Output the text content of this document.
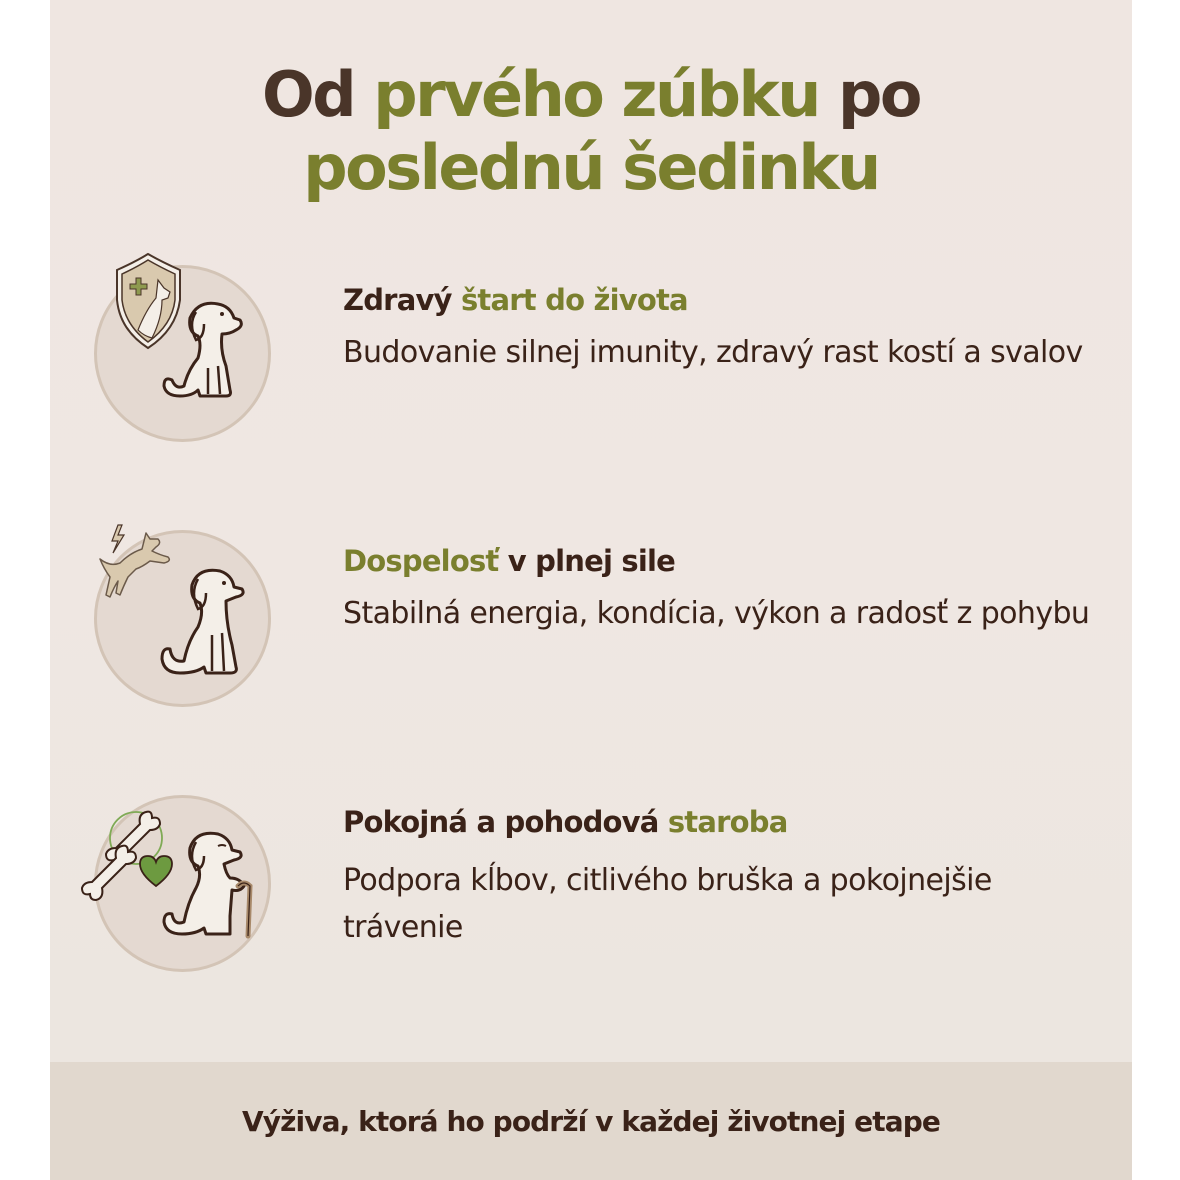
Od prvého zúbku po
poslednú šedinku
Zdravý štart do života

Budovanie silnej imunity, zdravý rast kostí a svalov

Dospelosť v plnej sile

Stabilná energia, kondícia, výkon a radosť z pohybu

Pokojná a pohodová staroba

Podpora kĺbov, citlivého bruška a pokojnejšie trávenie

Výživa, ktorá ho podrží v každej životnej etape
